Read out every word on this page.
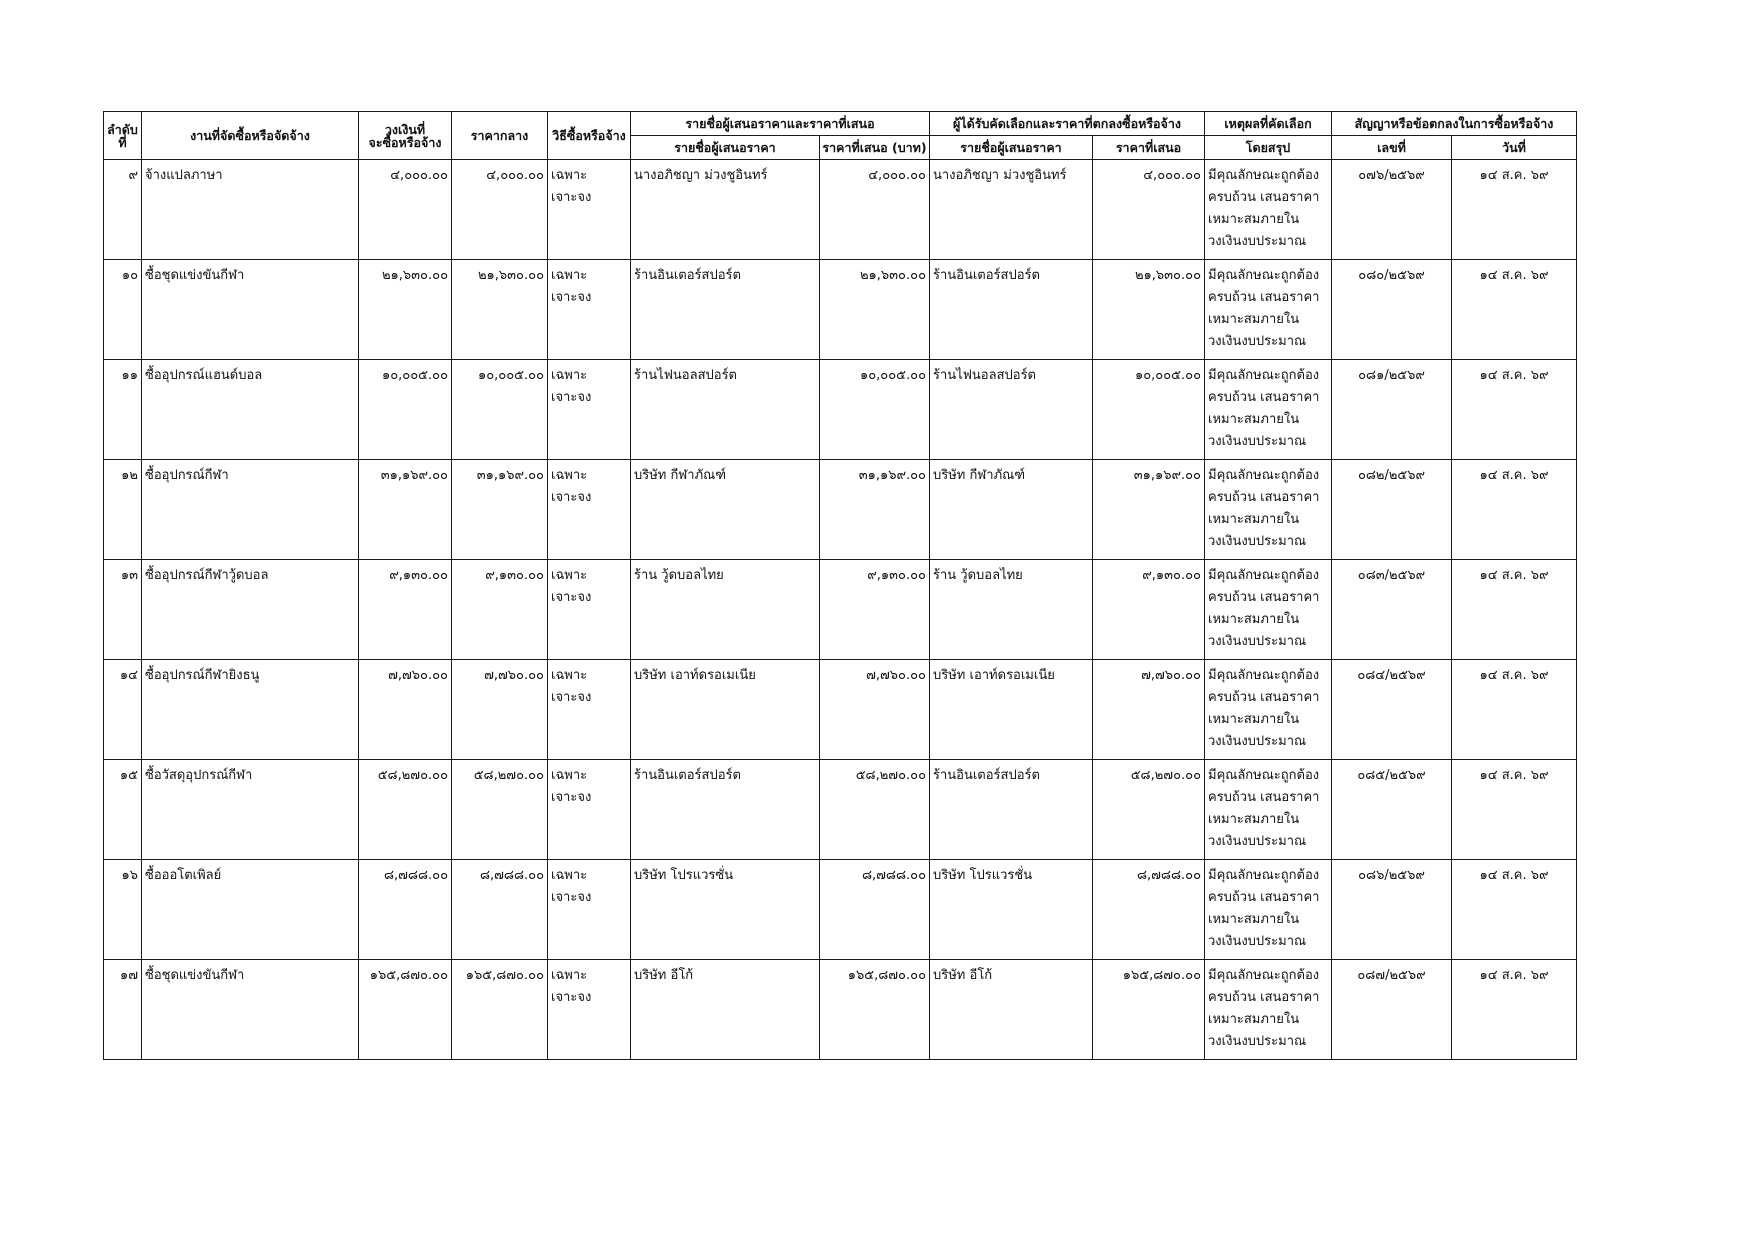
ลำดับ
ที่	งานที่จัดซื้อหรือจัดจ้าง	วงเงินที่
จะซื้อหรือจ้าง	ราคากลาง	วิธีซื้อหรือจ้าง	รายชื่อผู้เสนอราคาและราคาที่เสนอ		ผู้ได้รับคัดเลือกและราคาที่ตกลงซื้อหรือจ้าง		เหตุผลที่คัดเลือก	สัญญาหรือข้อตกลงในการซื้อหรือจ้าง	
					รายชื่อผู้เสนอราคา	ราคาที่เสนอ (บาท)	รายชื่อผู้เสนอราคา	ราคาที่เสนอ	โดยสรุป	เลขที่	วันที่
๙	จ้างแปลภาษา	๔,๐๐๐.๐๐	๔,๐๐๐.๐๐	เฉพาะเจาะจง	นางอภิชญา ม่วงชูอินทร์	๔,๐๐๐.๐๐	นางอภิชญา ม่วงชูอินทร์	๔,๐๐๐.๐๐	มีคุณลักษณะถูกต้อง
ครบถ้วน เสนอราคา
เหมาะสมภายใน
วงเงินงบประมาณ	๐๗๖/๒๕๖๙	๑๔ ส.ค. ๖๙
๑๐	ซื้อชุดแข่งขันกีฬา	๒๑,๖๓๐.๐๐	๒๑,๖๓๐.๐๐	เฉพาะเจาะจง	ร้านอินเตอร์สปอร์ต	๒๑,๖๓๐.๐๐	ร้านอินเตอร์สปอร์ต	๒๑,๖๓๐.๐๐	มีคุณลักษณะถูกต้อง
ครบถ้วน เสนอราคา
เหมาะสมภายใน
วงเงินงบประมาณ	๐๘๐/๒๕๖๙	๑๔ ส.ค. ๖๙
๑๑	ซื้ออุปกรณ์แฮนด์บอล	๑๐,๐๐๕.๐๐	๑๐,๐๐๕.๐๐	เฉพาะเจาะจง	ร้านไฟนอลสปอร์ต	๑๐,๐๐๕.๐๐	ร้านไฟนอลสปอร์ต	๑๐,๐๐๕.๐๐	มีคุณลักษณะถูกต้อง
ครบถ้วน เสนอราคา
เหมาะสมภายใน
วงเงินงบประมาณ	๐๘๑/๒๕๖๙	๑๔ ส.ค. ๖๙
๑๒	ซื้ออุปกรณ์กีฬา	๓๑,๑๖๙.๐๐	๓๑,๑๖๙.๐๐	เฉพาะเจาะจง	บริษัท กีฬาภัณฑ์	๓๑,๑๖๙.๐๐	บริษัท กีฬาภัณฑ์	๓๑,๑๖๙.๐๐	มีคุณลักษณะถูกต้อง
ครบถ้วน เสนอราคา
เหมาะสมภายใน
วงเงินงบประมาณ	๐๘๒/๒๕๖๙	๑๔ ส.ค. ๖๙
๑๓	ซื้ออุปกรณ์กีฬาวู้ดบอล	๙,๑๓๐.๐๐	๙,๑๓๐.๐๐	เฉพาะเจาะจง	ร้าน วู้ดบอลไทย	๙,๑๓๐.๐๐	ร้าน วู้ดบอลไทย	๙,๑๓๐.๐๐	มีคุณลักษณะถูกต้อง
ครบถ้วน เสนอราคา
เหมาะสมภายใน
วงเงินงบประมาณ	๐๘๓/๒๕๖๙	๑๔ ส.ค. ๖๙
๑๔	ซื้ออุปกรณ์กีฬายิงธนู	๗,๗๖๐.๐๐	๗,๗๖๐.๐๐	เฉพาะเจาะจง	บริษัท เอาท์ดรอเมเนีย	๗,๗๖๐.๐๐	บริษัท เอาท์ดรอเมเนีย	๗,๗๖๐.๐๐	มีคุณลักษณะถูกต้อง
ครบถ้วน เสนอราคา
เหมาะสมภายใน
วงเงินงบประมาณ	๐๘๔/๒๕๖๙	๑๔ ส.ค. ๖๙
๑๕	ซื้อวัสดุอุปกรณ์กีฬา	๕๘,๒๗๐.๐๐	๕๘,๒๗๐.๐๐	เฉพาะเจาะจง	ร้านอินเตอร์สปอร์ต	๕๘,๒๗๐.๐๐	ร้านอินเตอร์สปอร์ต	๕๘,๒๗๐.๐๐	มีคุณลักษณะถูกต้อง
ครบถ้วน เสนอราคา
เหมาะสมภายใน
วงเงินงบประมาณ	๐๘๕/๒๕๖๙	๑๔ ส.ค. ๖๙
๑๖	ซื้อออโตเพิลย์	๘,๗๘๘.๐๐	๘,๗๘๘.๐๐	เฉพาะเจาะจง	บริษัท โปรแวรซั่น	๘,๗๘๘.๐๐	บริษัท โปรแวรชั่น	๘,๗๘๘.๐๐	มีคุณลักษณะถูกต้อง
ครบถ้วน เสนอราคา
เหมาะสมภายใน
วงเงินงบประมาณ	๐๘๖/๒๕๖๙	๑๔ ส.ค. ๖๙
๑๗	ซื้อชุดแข่งขันกีฬา	๑๖๕,๘๗๐.๐๐	๑๖๕,๘๗๐.๐๐	เฉพาะเจาะจง	บริษัท อีโก้	๑๖๕,๘๗๐.๐๐	บริษัท อีโก้	๑๖๕,๘๗๐.๐๐	มีคุณลักษณะถูกต้อง
ครบถ้วน เสนอราคา
เหมาะสมภายใน
วงเงินงบประมาณ	๐๘๗/๒๕๖๙	๑๔ ส.ค. ๖๙
